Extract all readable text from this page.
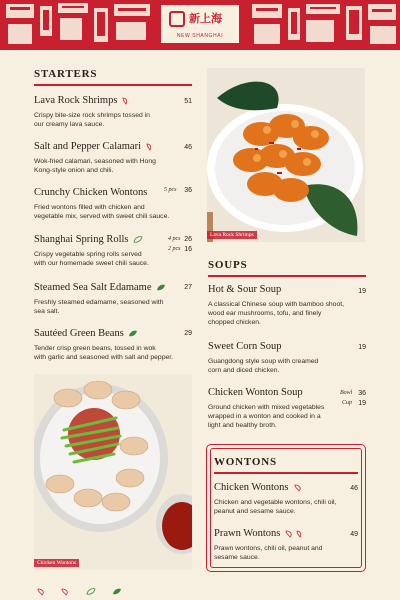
新上海
NEW SHANGHAI
STARTERS
Lava Rock Shrimps
Crispy bite-size rock shrimps tossed in
our creamy lava sauce.
51
Salt and Pepper Calamari
Wok-fried calamari, seasoned with Hong
Kong-style onion and chili.
46
Crunchy Chicken Wontons
Fried wontons filled with chicken and
vegetable mix, served with sweet chili sauce.
5 pcs	36
Shanghai Spring Rolls
Crispy vegetable spring rolls served
with our homemade sweet chili sauce.
4 pcs 26
2 pcs 16
Steamed Sea Salt Edamame
Freshly steamed edamame, seasoned with
sea salt.
27
Sautéed Green Beans
Tender crisp green beans, tossed in wok
with garlic and seasoned with salt and pepper.
29
Lava Rock Shrimps
SOUPS
Hot & Sour Soup
A classical Chinese soup with bamboo shoot,
wood ear mushrooms, tofu, and finely
chopped chicken.
19
Sweet Corn Soup
Guangdong style soup with creamed
corn and diced chicken.
19
Chicken Wonton Soup
Ground chicken with mixed vegetables
wrapped in a wonton and cooked in a
light and healthy broth.
Bowl 36
Cup 19
Chicken Wontons
WONTONS
Chicken Wontons
Chicken and vegetable wontons, chili oil,
peanut and sesame sauce.
46
Prawn Wontons
Prawn wontons, chili oil, peanut and
sesame sauce.
49
